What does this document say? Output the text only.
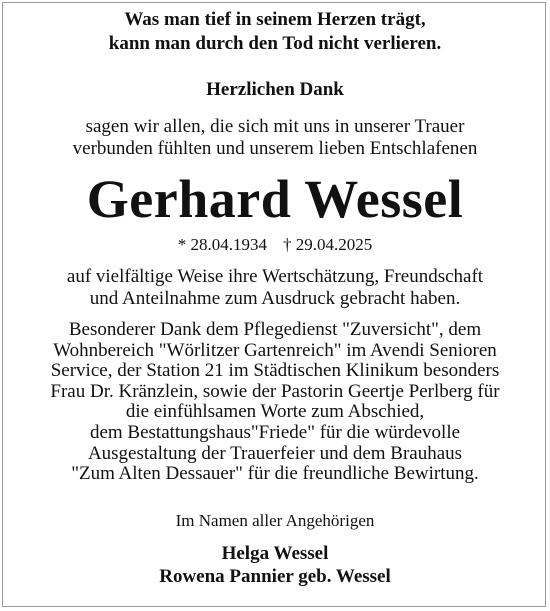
Was man tief in seinem Herzen trägt,
kann man durch den Tod nicht verlieren.
Herzlichen Dank
sagen wir allen, die sich mit uns in unserer Trauer
verbunden fühlten und unserem lieben Entschlafenen
Gerhard Wessel
* 28.04.1934 † 29.04.2025
auf vielfältige Weise ihre Wertschätzung, Freundschaft
und Anteilnahme zum Ausdruck gebracht haben.
Besonderer Dank dem Pflegedienst "Zuversicht", dem
Wohnbereich "Wörlitzer Gartenreich" im Avendi Senioren
Service, der Station 21 im Städtischen Klinikum besonders
Frau Dr. Kränzlein, sowie der Pastorin Geertje Perlberg für
die einfühlsamen Worte zum Abschied,
dem Bestattungshaus"Friede" für die würdevolle
Ausgestaltung der Trauerfeier und dem Brauhaus
"Zum Alten Dessauer" für die freundliche Bewirtung.
Im Namen aller Angehörigen
Helga Wessel
Rowena Pannier geb. Wessel
